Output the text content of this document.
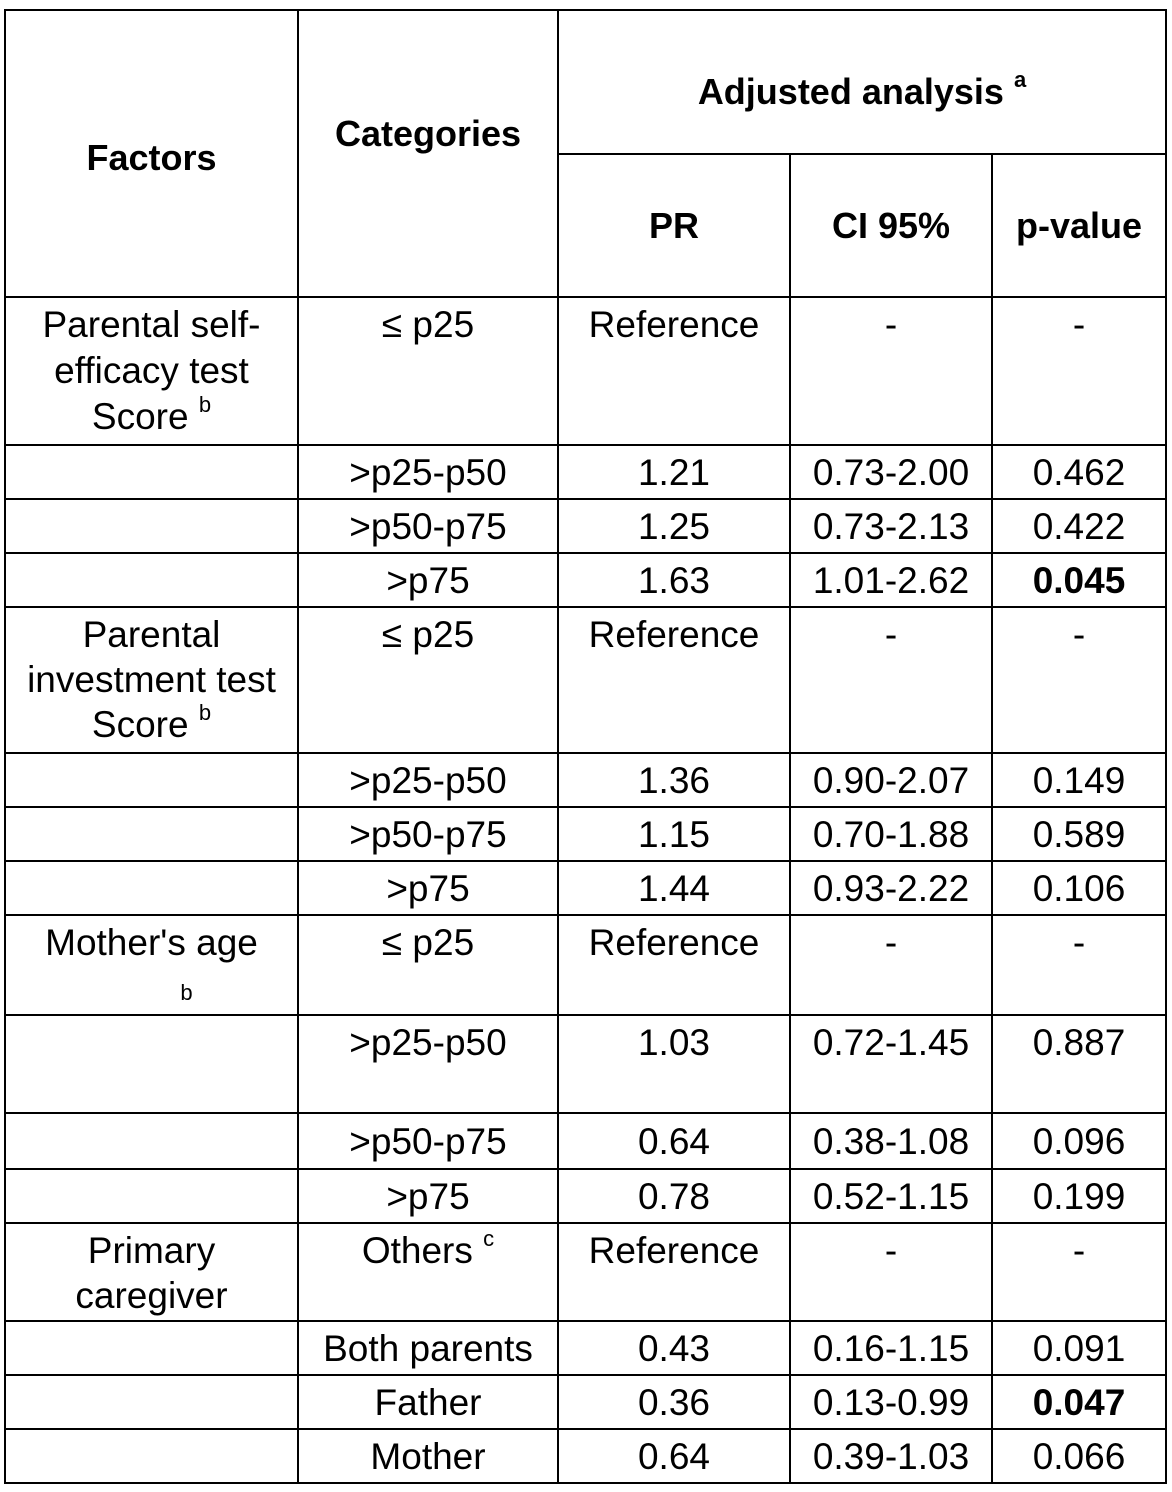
Factors	Categories	Adjusted analysis $^a$
		PR	CI 95%	p-value
Parental self-
efficacy test
Score $^b$	≤ p25	Reference	-	-
	>p25-p50	1.21	0.73-2.00	0.462
	>p50-p75	1.25	0.73-2.13	0.422
	>p75	1.63	1.01-2.62	0.045
Parental
investment test
Score $^b$	≤ p25	Reference	-	-
	>p25-p50	1.36	0.90-2.07	0.149
	>p50-p75	1.15	0.70-1.88	0.589
	>p75	1.44	0.93-2.22	0.106
Mother's age
b	≤ p25	Reference	-	-
	>p25-p50	1.03	0.72-1.45	0.887
	>p50-p75	0.64	0.38-1.08	0.096
	>p75	0.78	0.52-1.15	0.199
Primary
caregiver	Others $^c$	Reference	-	-
	Both parents	0.43	0.16-1.15	0.091
	Father	0.36	0.13-0.99	0.047
	Mother	0.64	0.39-1.03	0.066
